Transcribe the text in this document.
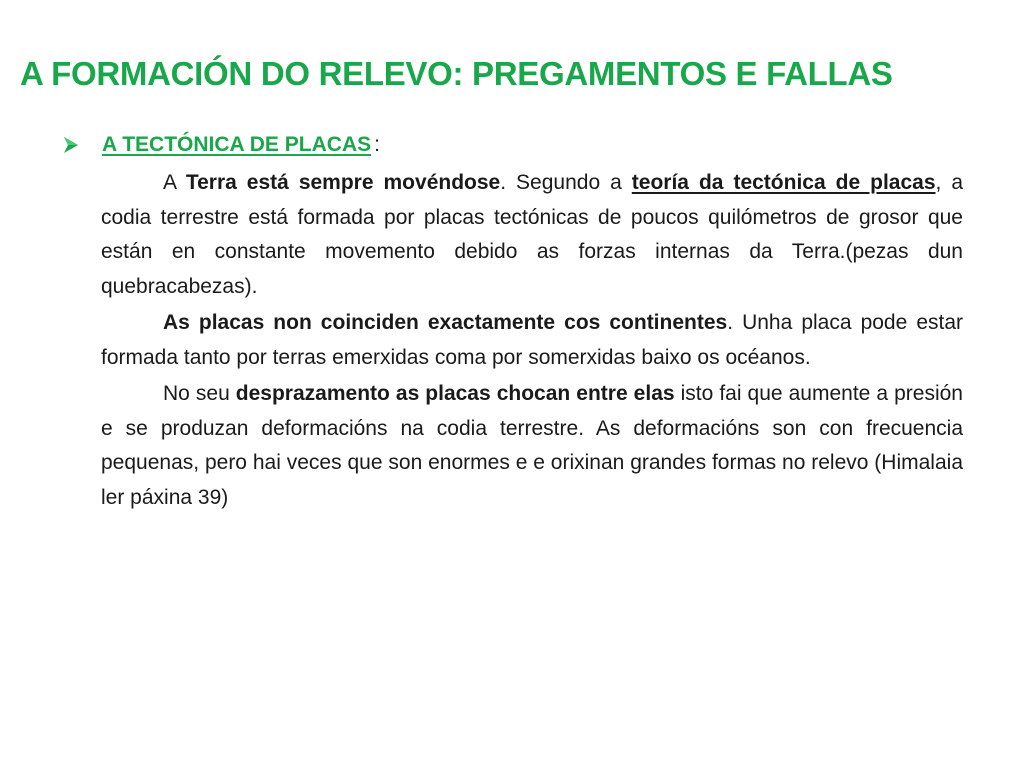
A FORMACIÓN DO RELEVO: PREGAMENTOS E FALLAS
A TECTÓNICA DE PLACAS :

A Terra está sempre movéndose. Segundo a teoría da tectónica de placas, a codia terrestre está formada por placas tectónicas de poucos quilómetros de grosor que están en constante movemento debido as forzas internas da Terra.(pezas dun quebracabezas).

As placas non coinciden exactamente cos continentes. Unha placa pode estar formada tanto por terras emerxidas coma por somerxidas baixo os océanos.

No seu desprazamento as placas chocan entre elas isto fai que aumente a presión e se produzan deformacións na codia terrestre. As deformacións son con frecuencia pequenas, pero hai veces que son enormes e e orixinan grandes formas no relevo (Himalaia ler páxina 39)
